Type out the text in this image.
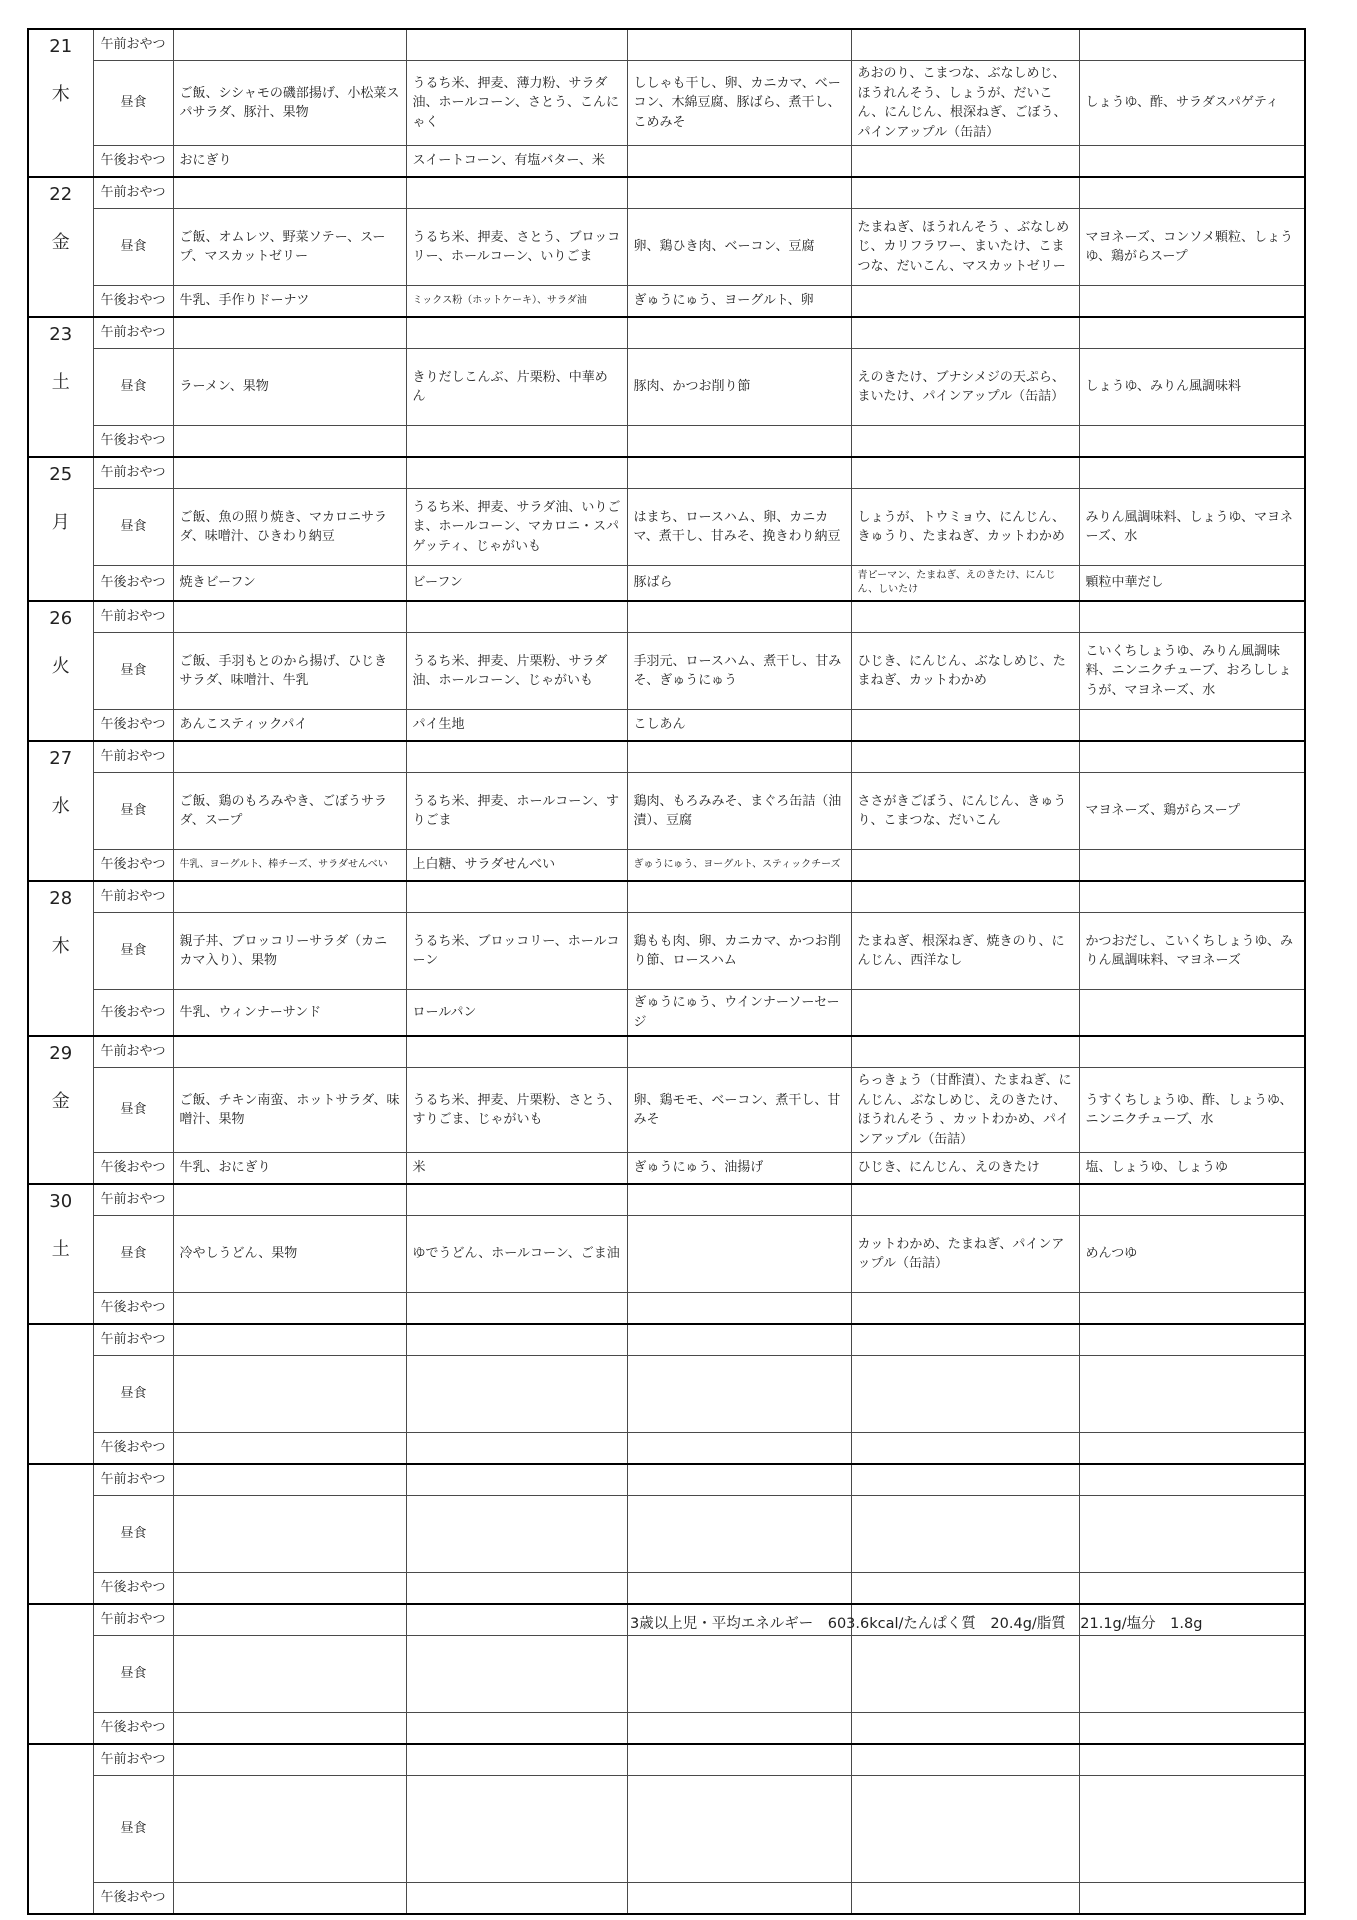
21
木	午前おやつ					
	昼食	ご飯、シシャモの磯部揚げ、小松菜スパサラダ、豚汁、果物	うるち米、押麦、薄力粉、サラダ油、ホールコーン、さとう、こんにゃく	ししゃも干し、卵、カニカマ、ベーコン、木綿豆腐、豚ばら、煮干し、こめみそ	あおのり、こまつな、ぶなしめじ、ほうれんそう、しょうが、だいこん、にんじん、根深ねぎ、ごぼう、パインアップル（缶詰）	しょうゆ、酢、サラダスパゲティ
	午後おやつ	おにぎり	スイートコーン、有塩バター、米			

22
金	午前おやつ					
	昼食	ご飯、オムレツ、野菜ソテー、スープ、マスカットゼリー	うるち米、押麦、さとう、ブロッコリー、ホールコーン、いりごま	卵、鶏ひき肉、ベーコン、豆腐	たまねぎ、ほうれんそう 、ぶなしめじ、カリフラワー、まいたけ、こまつな、だいこん、マスカットゼリー	マヨネーズ、コンソメ顆粒、しょうゆ、鶏がらスープ
	午後おやつ	牛乳、手作りドーナツ	ミックス粉（ホットケーキ）、サラダ油	ぎゅうにゅう、ヨーグルト、卵		

23
土	午前おやつ					
	昼食	ラーメン、果物	きりだしこんぶ、片栗粉、中華めん	豚肉、かつお削り節	えのきたけ、ブナシメジの天ぷら、まいたけ、パインアップル（缶詰）	しょうゆ、みりん風調味料
	午後おやつ					

25
月	午前おやつ					
	昼食	ご飯、魚の照り焼き、マカロニサラダ、味噌汁、ひきわり納豆	うるち米、押麦、サラダ油、いりごま、ホールコーン、マカロニ・スパゲッティ、じゃがいも	はまち、ロースハム、卵、カニカマ、煮干し、甘みそ、挽きわり納豆	しょうが、トウミョウ、にんじん、きゅうり、たまねぎ、カットわかめ	みりん風調味料、しょうゆ、マヨネーズ、水
	午後おやつ	焼きビーフン	ビーフン	豚ばら	青ピーマン、たまねぎ、えのきたけ、にんじん、しいたけ	顆粒中華だし

26
火	午前おやつ					
	昼食	ご飯、手羽もとのから揚げ、ひじきサラダ、味噌汁、牛乳	うるち米、押麦、片栗粉、サラダ油、ホールコーン、じゃがいも	手羽元、ロースハム、煮干し、甘みそ、ぎゅうにゅう	ひじき、にんじん、ぶなしめじ、たまねぎ、カットわかめ	こいくちしょうゆ、みりん風調味料、ニンニクチューブ、おろししょうが、マヨネーズ、水
	午後おやつ	あんこスティックパイ	パイ生地	こしあん		

27
水	午前おやつ					
	昼食	ご飯、鶏のもろみやき、ごぼうサラダ、スープ	うるち米、押麦、ホールコーン、すりごま	鶏肉、もろみみそ、まぐろ缶詰（油漬）、豆腐	ささがきごぼう、にんじん、きゅうり、こまつな、だいこん	マヨネーズ、鶏がらスープ
	午後おやつ	牛乳、ヨーグルト、棒チーズ、サラダせんべい	上白糖、サラダせんべい	ぎゅうにゅう、ヨーグルト、スティックチーズ		

28
木	午前おやつ					
	昼食	親子丼、ブロッコリーサラダ（カニカマ入り）、果物	うるち米、ブロッコリー、ホールコーン	鶏もも肉、卵、カニカマ、かつお削り節、ロースハム	たまねぎ、根深ねぎ、焼きのり、にんじん、西洋なし	かつおだし、こいくちしょうゆ、みりん風調味料、マヨネーズ
	午後おやつ	牛乳、ウィンナーサンド	ロールパン	ぎゅうにゅう、ウインナーソーセージ		

29
金	午前おやつ					
	昼食	ご飯、チキン南蛮、ホットサラダ、味噌汁、果物	うるち米、押麦、片栗粉、さとう、すりごま、じゃがいも	卵、鶏モモ、ベーコン、煮干し、甘みそ	らっきょう（甘酢漬）、たまねぎ、にんじん、ぶなしめじ、えのきたけ、ほうれんそう 、カットわかめ、パインアップル（缶詰）	うすくちしょうゆ、酢、しょうゆ、ニンニクチューブ、水
	午後おやつ	牛乳、おにぎり	米	ぎゅうにゅう、油揚げ	ひじき、にんじん、えのきたけ	塩、しょうゆ、しょうゆ

30
土	午前おやつ					
	昼食	冷やしうどん、果物	ゆでうどん、ホールコーン、ごま油		カットわかめ、たまねぎ、パインアップル（缶詰）	めんつゆ
	午後おやつ					

	午前おやつ					
	昼食					
	午後おやつ					

	午前おやつ					
	昼食					
	午後おやつ					

	午前おやつ					
	昼食					
	午後おやつ					

	午前おやつ					
	昼食					
	午後おやつ					
3歳以上児・平均エネルギー　603.6kcal/たんぱく質　20.4g/脂質　21.1g/塩分　1.8g
